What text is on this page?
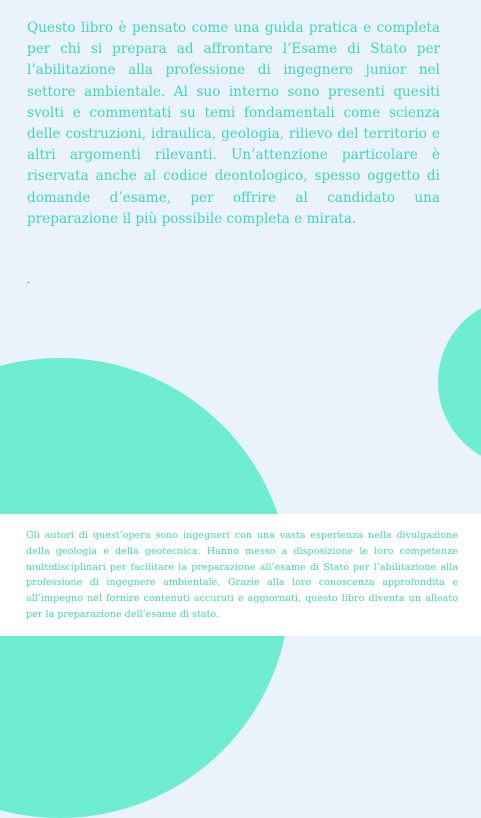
Questo libro è pensato come una guida pratica e completa per chi si prepara ad affrontare l’Esame di Stato per l’abilitazione alla professione di ingegnere junior nel settore ambientale. Al suo interno sono presenti quesiti svolti e commentati su temi fondamentali come scienza delle costruzioni, idraulica, geologia, rilievo del territorio e altri argomenti rilevanti. Un’attenzione particolare è riservata anche al codice deontologico, spesso oggetto di domande d’esame, per offrire al candidato una preparazione il più possibile completa e mirata.

.

Gli autori di quest’opera sono ingegneri con una vasta esperienza nella divulgazione della geologia e della geotecnica. Hanno messo a disposizione le loro competenze multidisciplinari per facilitare la preparazione all’esame di Stato per l’abilitazione alla professione di ingegnere ambientale. Grazie alla loro conoscenza approfondita e all’impegno nel fornire contenuti accurati e aggiornati, questo libro diventa un alleato per la preparazione dell’esame di stato.
